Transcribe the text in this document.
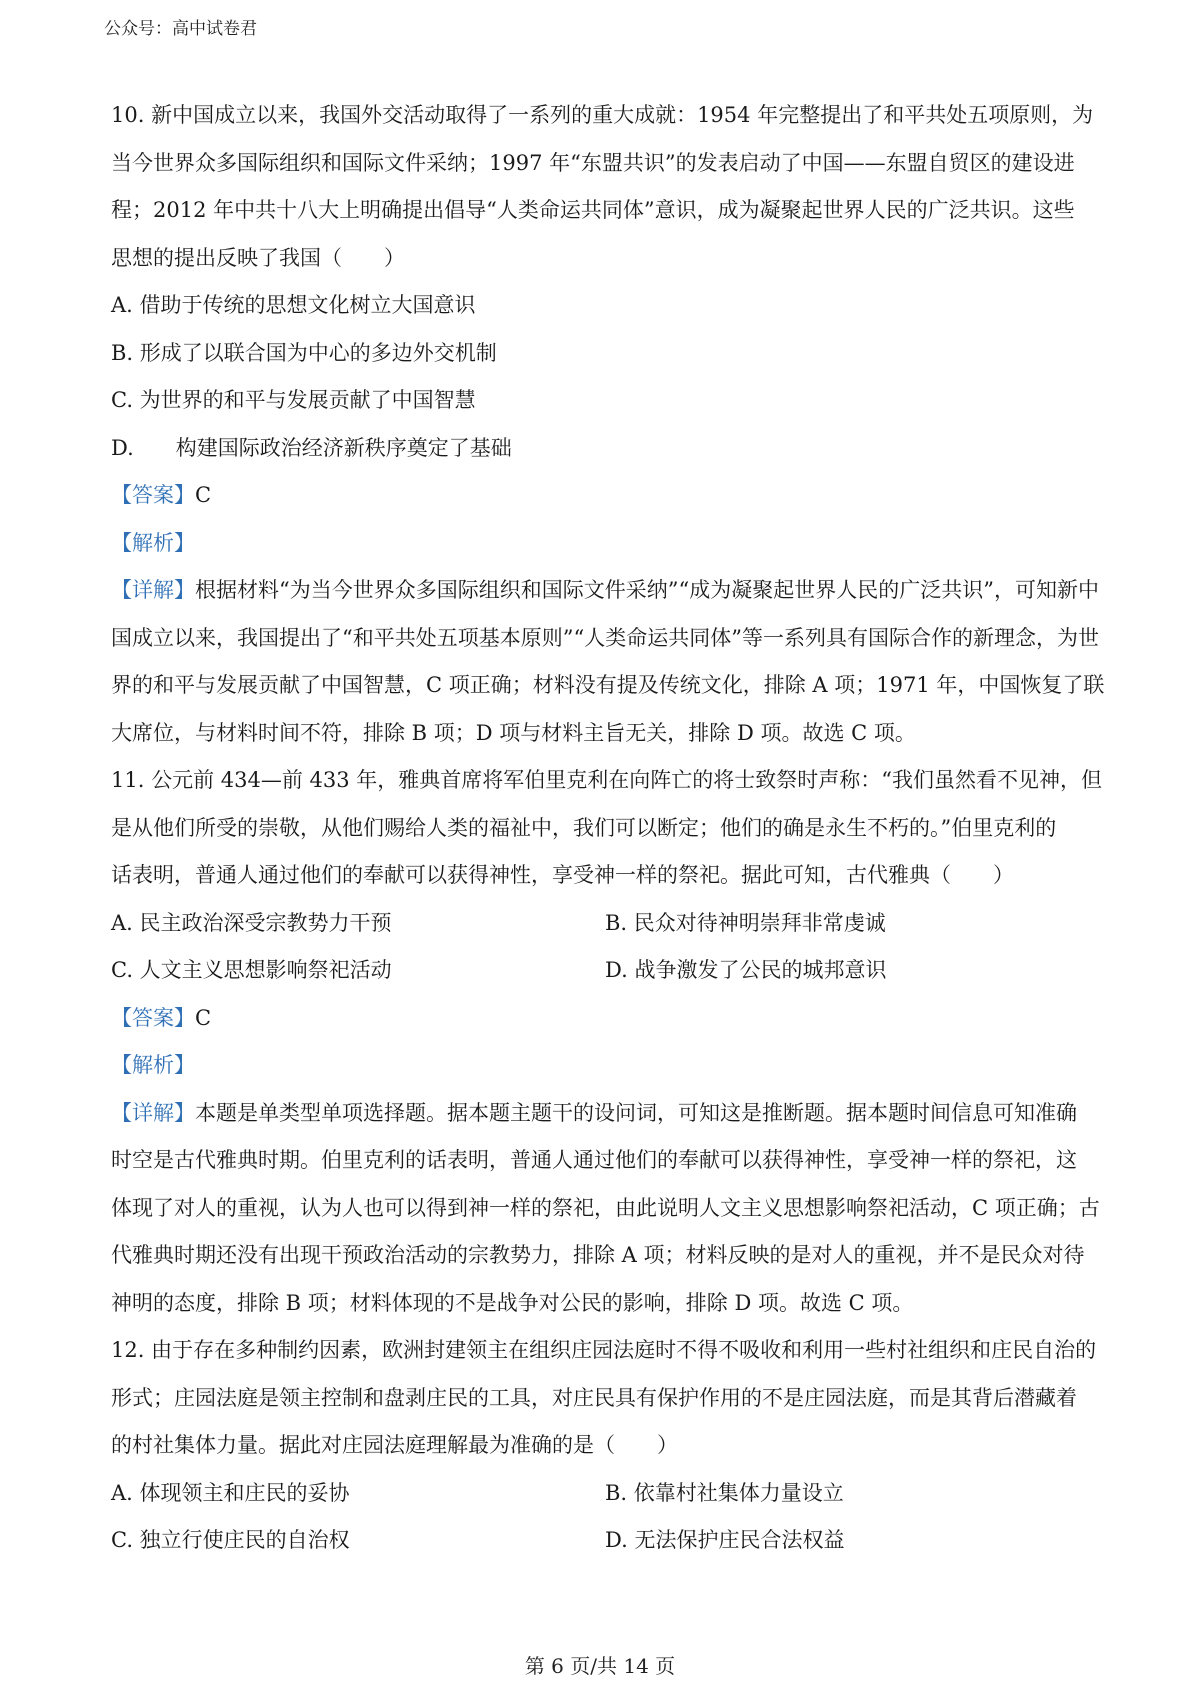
公众号：高中试卷君
10. 新中国成立以来，我国外交活动取得了一系列的重大成就：1954 年完整提出了和平共处五项原则，为
当今世界众多国际组织和国际文件采纳；1997 年“东盟共识”的发表启动了中国——东盟自贸区的建设进
程；2012 年中共十八大上明确提出倡导“人类命运共同体”意识，成为凝聚起世界人民的广泛共识。这些
思想的提出反映了我国（　　）
A. 借助于传统的思想文化树立大国意识
B. 形成了以联合国为中心的多边外交机制
C. 为世界的和平与发展贡献了中国智慧
D. 构建国际政治经济新秩序奠定了基础
【答案】C
【解析】
【详解】根据材料“为当今世界众多国际组织和国际文件采纳”“成为凝聚起世界人民的广泛共识”，可知新中
国成立以来，我国提出了“和平共处五项基本原则”“人类命运共同体”等一系列具有国际合作的新理念，为世
界的和平与发展贡献了中国智慧，C 项正确；材料没有提及传统文化，排除 A 项；1971 年，中国恢复了联
大席位，与材料时间不符，排除 B 项；D 项与材料主旨无关，排除 D 项。故选 C 项。
11. 公元前 434—前 433 年，雅典首席将军伯里克利在向阵亡的将士致祭时声称：“我们虽然看不见神，但
是从他们所受的崇敬，从他们赐给人类的福祉中，我们可以断定；他们的确是永生不朽的。”伯里克利的
话表明，普通人通过他们的奉献可以获得神性，享受神一样的祭祀。据此可知，古代雅典（　　）
A. 民主政治深受宗教势力干预	B. 民众对待神明崇拜非常虔诚
C. 人文主义思想影响祭祀活动	D. 战争激发了公民的城邦意识
【答案】C
【解析】
【详解】本题是单类型单项选择题。据本题主题干的设问词，可知这是推断题。据本题时间信息可知准确
时空是古代雅典时期。伯里克利的话表明，普通人通过他们的奉献可以获得神性，享受神一样的祭祀，这
体现了对人的重视，认为人也可以得到神一样的祭祀，由此说明人文主义思想影响祭祀活动，C 项正确；古
代雅典时期还没有出现干预政治活动的宗教势力，排除 A 项；材料反映的是对人的重视，并不是民众对待
神明的态度，排除 B 项；材料体现的不是战争对公民的影响，排除 D 项。故选 C 项。
12. 由于存在多种制约因素，欧洲封建领主在组织庄园法庭时不得不吸收和利用一些村社组织和庄民自治的
形式；庄园法庭是领主控制和盘剥庄民的工具，对庄民具有保护作用的不是庄园法庭，而是其背后潜藏着
的村社集体力量。据此对庄园法庭理解最为准确的是（　　）
A. 体现领主和庄民的妥协	B. 依靠村社集体力量设立
C. 独立行使庄民的自治权	D. 无法保护庄民合法权益
第 6 页/共 14 页
